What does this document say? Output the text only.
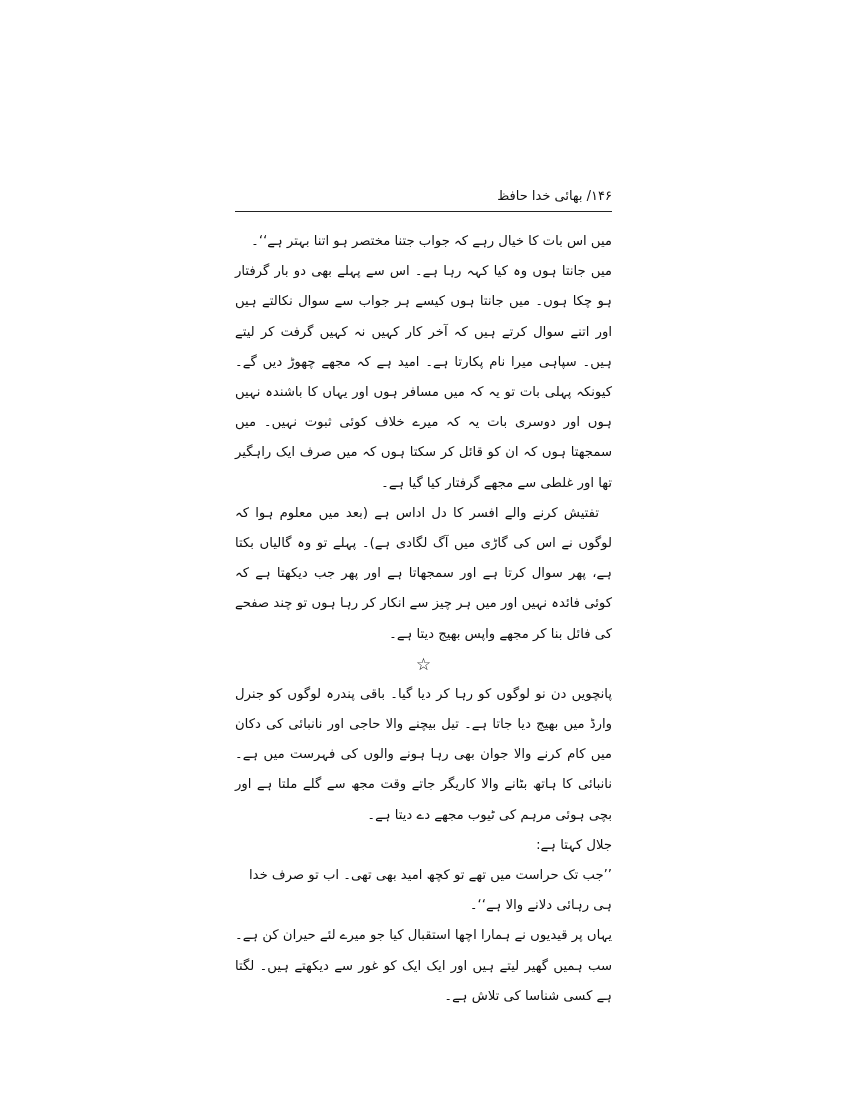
۱۴۶/ بھائی خدا حافظ

میں اس بات کا خیال رہے کہ جواب جتنا مختصر ہو اتنا بہتر ہے‘‘۔

میں جانتا ہوں وہ کیا کہہ رہا ہے۔ اس سے پہلے بھی دو بار گرفتار ہو چکا ہوں۔ میں جانتا ہوں کیسے ہر جواب سے سوال نکالتے ہیں اور اتنے سوال کرتے ہیں کہ آخر کار کہیں نہ کہیں گرفت کر لیتے ہیں۔ سپاہی میرا نام پکارتا ہے۔ امید ہے کہ مجھے چھوڑ دیں گے۔ کیونکہ پہلی بات تو یہ کہ میں مسافر ہوں اور یہاں کا باشندہ نہیں ہوں اور دوسری بات یہ کہ میرے خلاف کوئی ثبوت نہیں۔ میں سمجھتا ہوں کہ ان کو قائل کر سکتا ہوں کہ میں صرف ایک راہگیر تھا اور غلطی سے مجھے گرفتار کیا گیا ہے۔

تفتیش کرنے والے افسر کا دل اداس ہے (بعد میں معلوم ہوا کہ لوگوں نے اس کی گاڑی میں آگ لگادی ہے)۔ پہلے تو وہ گالیاں بکتا ہے، پھر سوال کرتا ہے اور سمجھاتا ہے اور پھر جب دیکھتا ہے کہ کوئی فائدہ نہیں اور میں ہر چیز سے انکار کر رہا ہوں تو چند صفحے کی فائل بنا کر مجھے واپس بھیج دیتا ہے۔

☆

پانچویں دن نو لوگوں کو رہا کر دیا گیا۔ باقی پندرہ لوگوں کو جنرل وارڈ میں بھیج دیا جاتا ہے۔ تیل بیچنے والا حاجی اور نانبائی کی دکان میں کام کرنے والا جوان بھی رہا ہونے والوں کی فہرست میں ہے۔ نانبائی کا ہاتھ بٹانے والا کاریگر جاتے وقت مجھ سے گلے ملتا ہے اور بچی ہوئی مرہم کی ٹیوب مجھے دے دیتا ہے۔

جلال کہتا ہے:

’’جب تک حراست میں تھے تو کچھ امید بھی تھی۔ اب تو صرف خدا ہی رہائی دلانے والا ہے‘‘۔

یہاں پر قیدیوں نے ہمارا اچھا استقبال کیا جو میرے لئے حیران کن ہے۔ سب ہمیں گھیر لیتے ہیں اور ایک ایک کو غور سے دیکھتے ہیں۔ لگتا ہے کسی شناسا کی تلاش ہے۔
